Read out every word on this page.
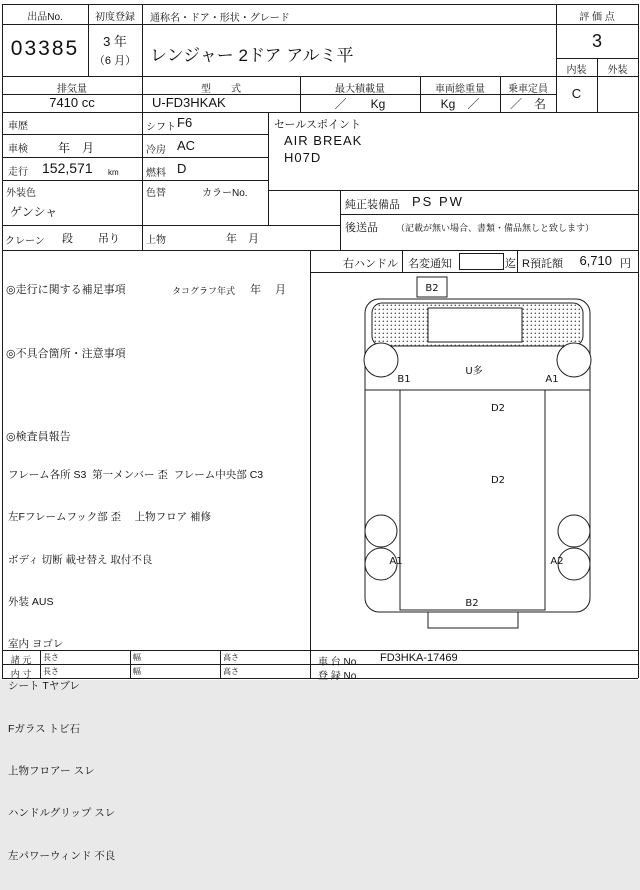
出品No.
03385
初度登録
3 年
（6 月）
通称名・ドア・形状・グレード
レンジャー 2ドア アルミ平
評 価 点
3
内装	外装
C
排気量
7410 cc
型　　式
U-FD3HKAK
最大積載量
／　　Kg
車両総重量
Kg　／
乗車定員
／　名
車歴	シフト F6	セールスポイント
AIR BREAK
H07D
車検	年　月	冷房 AC
走行 152,571 km	燃料 D
外装色
ゲンシャ
色替	カラーNo.
純正装備品 PS PW
後送品 （記載が無い場合、書類・備品無しと致します）
クレーン 段 吊り	上物	年　月
右ハンドル 名変通知	迄 R預託額	6,710 円
◎走行に関する補足事項	タコグラフ年式 年　 月
◎不具合箇所・注意事項
◎検査員報告

フレーム各所 S3  第一メンバー 歪  フレーム中央部 C3

左Fフレームフック部 歪　 上物フロア 補修

ボディ 切断 載せ替え 取付不良

外装 AUS

室内 ヨゴレ

シート Tヤブレ

Fガラス トビ石

上物フロアー スレ

ハンドルグリップ スレ

左パワーウィンド 不良

B2
B1
U多
A1
D2
D2
A1	A2
B2
諸 元	長さ	幅	高さ
内 寸	長さ	幅	高さ
車 台 No. FD3HKA-17469
登 録 No.
